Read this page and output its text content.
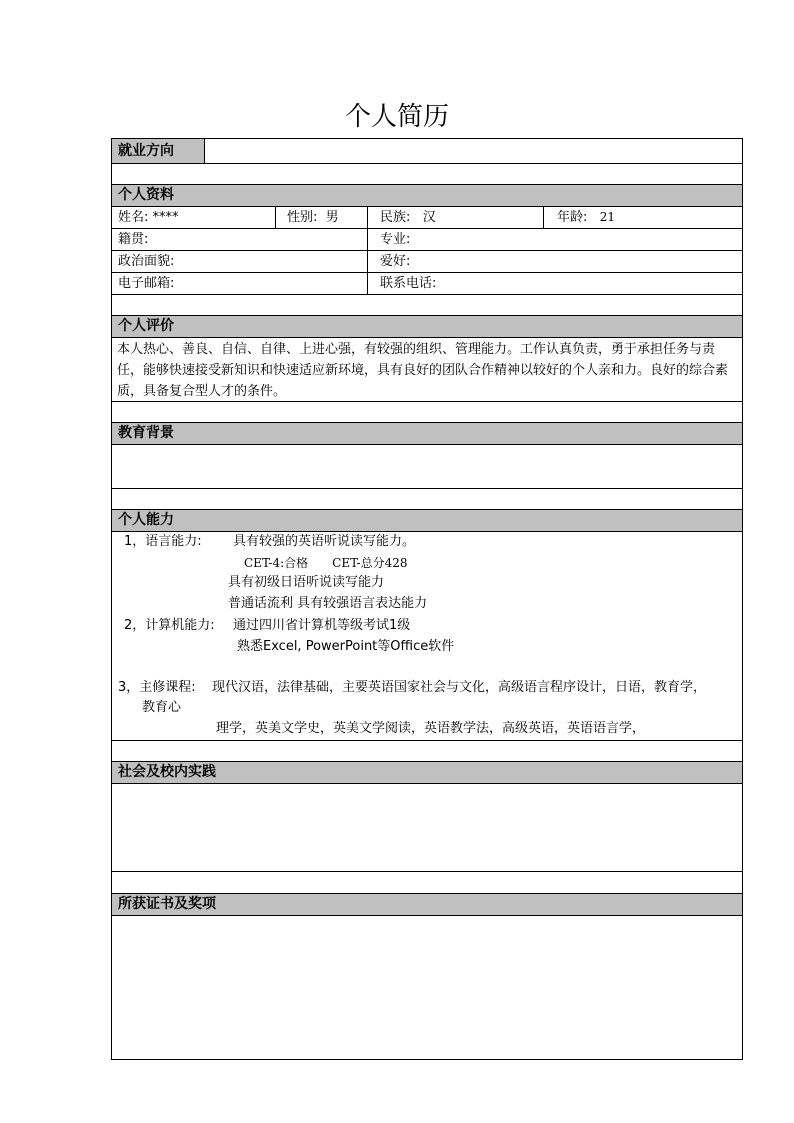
个人简历
就业方向
个人资料
姓名: ****	性别: 男	民族: 汉	年龄: 21
籍贯:	专业:
政治面貌:	爱好:
电子邮箱:	联系电话:
个人评价
本人热心、善良、自信、自律、上进心强，有较强的组织、管理能力。工作认真负责，勇于承担任务与责任，能够快速接受新知识和快速适应新环境，具有良好的团队合作精神以较好的个人亲和力。良好的综合素质，具备复合型人才的条件。
教育背景
个人能力
1，语言能力: 具有较强的英语听说读写能力。
CET-4:合格　　CET-总分428
具有初级日语听说读写能力
普通话流利 具有较强语言表达能力
2，计算机能力: 通过四川省计算机等级考试1级
熟悉Excel, PowerPoint等Office软件
3，主修课程: 现代汉语，法律基础，主要英语国家社会与文化，高级语言程序设计，日语，教育学，
教育心
理学，英美文学史，英美文学阅读，英语教学法，高级英语，英语语言学，
社会及校内实践
所获证书及奖项
